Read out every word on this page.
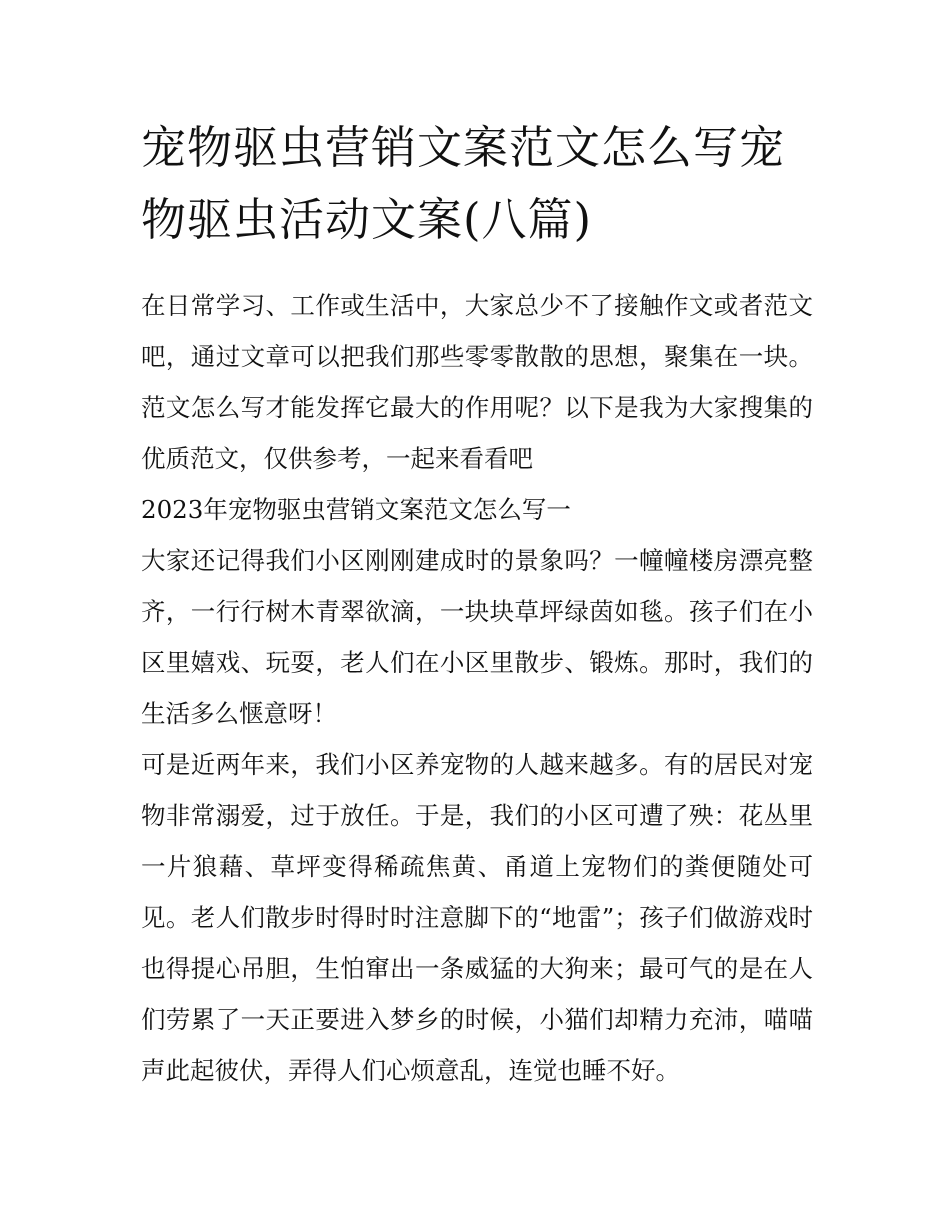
宠物驱虫营销文案范文怎么写宠物驱虫活动文案(八篇)

在日常学习、工作或生活中，大家总少不了接触作文或者范文吧，通过文章可以把我们那些零零散散的思想，聚集在一块。范文怎么写才能发挥它最大的作用呢？以下是我为大家搜集的优质范文，仅供参考，一起来看看吧

2023年宠物驱虫营销文案范文怎么写一

大家还记得我们小区刚刚建成时的景象吗？一幢幢楼房漂亮整齐，一行行树木青翠欲滴，一块块草坪绿茵如毯。孩子们在小区里嬉戏、玩耍，老人们在小区里散步、锻炼。那时，我们的生活多么惬意呀！

可是近两年来，我们小区养宠物的人越来越多。有的居民对宠物非常溺爱，过于放任。于是，我们的小区可遭了殃：花丛里一片狼藉、草坪变得稀疏焦黄、甬道上宠物们的粪便随处可见。老人们散步时得时时注意脚下的“地雷”；孩子们做游戏时也得提心吊胆，生怕窜出一条威猛的大狗来；最可气的是在人们劳累了一天正要进入梦乡的时候，小猫们却精力充沛，喵喵声此起彼伏，弄得人们心烦意乱，连觉也睡不好。
